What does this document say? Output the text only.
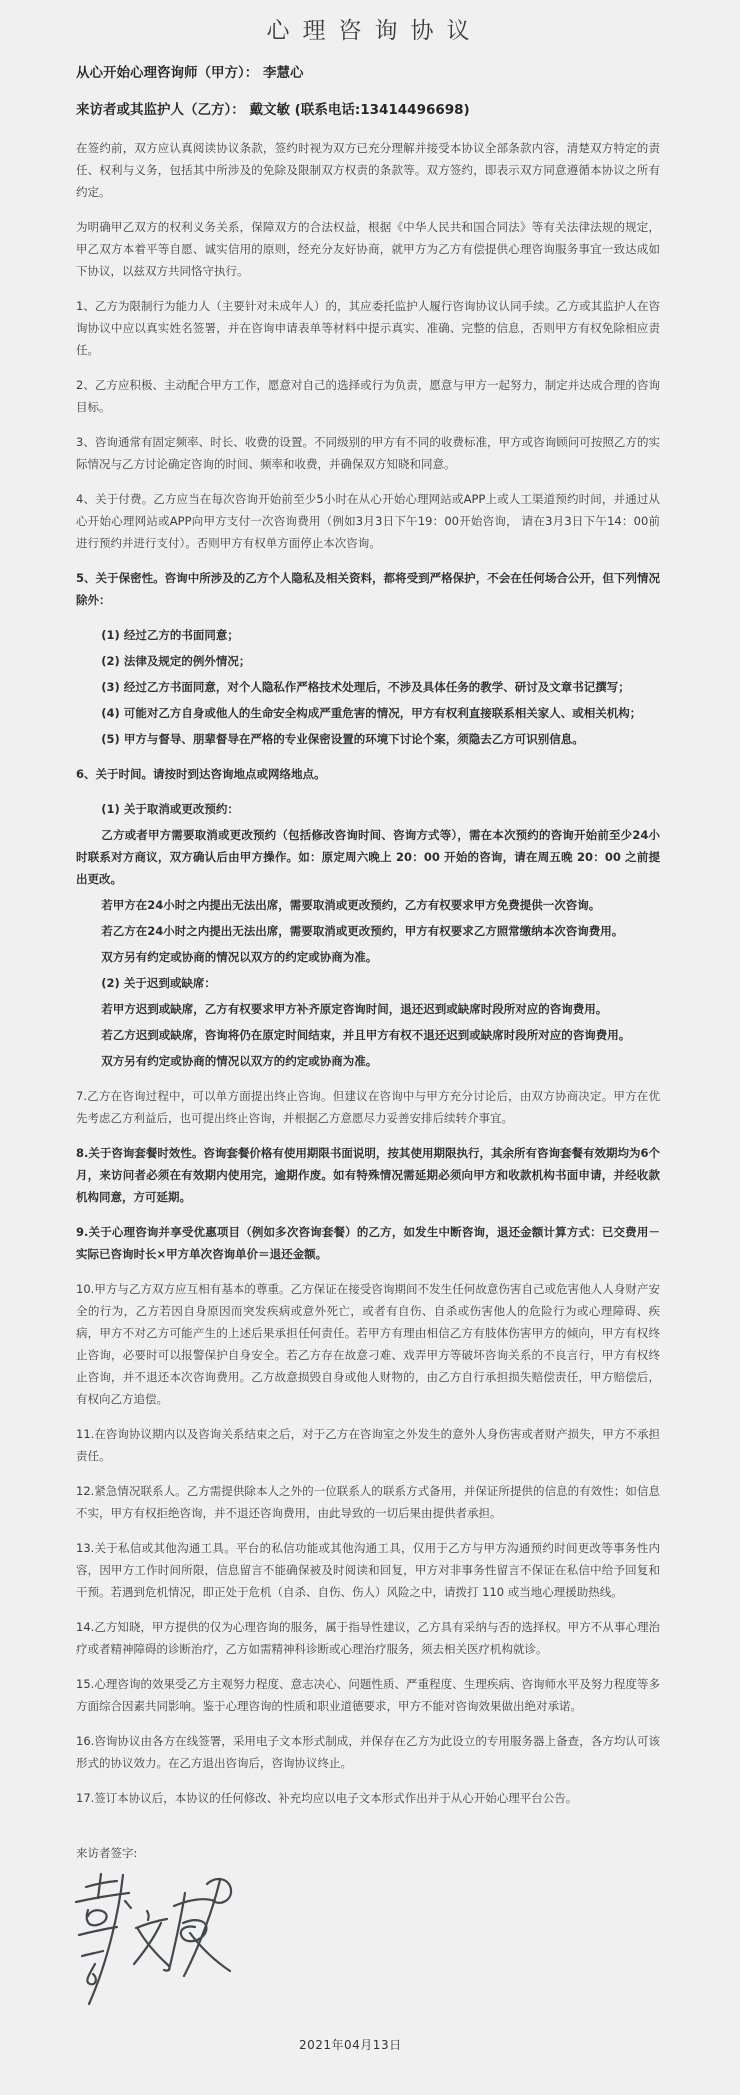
心理咨询协议

从心开始心理咨询师（甲方）： 李慧心

来访者或其监护人（乙方）： 戴文敏 (联系电话:13414496698)

在签约前，双方应认真阅读协议条款，签约时视为双方已充分理解并接受本协议全部条款内容，清楚双方特定的责任、权利与义务，包括其中所涉及的免除及限制双方权责的条款等。双方签约，即表示双方同意遵循本协议之所有约定。

为明确甲乙双方的权利义务关系，保障双方的合法权益，根据《中华人民共和国合同法》等有关法律法规的规定，甲乙双方本着平等自愿、诚实信用的原则，经充分友好协商，就甲方为乙方有偿提供心理咨询服务事宜一致达成如下协议，以兹双方共同恪守执行。

1、乙方为限制行为能力人（主要针对未成年人）的，其应委托监护人履行咨询协议认同手续。乙方或其监护人在咨询协议中应以真实姓名签署，并在咨询申请表单等材料中提示真实、准确、完整的信息，否则甲方有权免除相应责任。

2、乙方应积极、主动配合甲方工作，愿意对自己的选择或行为负责，愿意与甲方一起努力，制定并达成合理的咨询目标。

3、咨询通常有固定频率、时长、收费的设置。不同级别的甲方有不同的收费标准，甲方或咨询顾问可按照乙方的实际情况与乙方讨论确定咨询的时间、频率和收费，并确保双方知晓和同意。

4、关于付费。乙方应当在每次咨询开始前至少5小时在从心开始心理网站或APP上或人工渠道预约时间，并通过从心开始心理网站或APP向甲方支付一次咨询费用（例如3月3日下午19：00开始咨询， 请在3月3日下午14：00前进行预约并进行支付）。否则甲方有权单方面停止本次咨询。

5、关于保密性。咨询中所涉及的乙方个人隐私及相关资料，都将受到严格保护，不会在任何场合公开，但下列情况除外：

(1) 经过乙方的书面同意；

(2) 法律及规定的例外情况；

(3) 经过乙方书面同意，对个人隐私作严格技术处理后，不涉及具体任务的教学、研讨及文章书记撰写；

(4) 可能对乙方自身或他人的生命安全构成严重危害的情况，甲方有权利直接联系相关家人、或相关机构；

(5) 甲方与督导、朋辈督导在严格的专业保密设置的环境下讨论个案，须隐去乙方可识别信息。

6、关于时间。请按时到达咨询地点或网络地点。

(1) 关于取消或更改预约：

乙方或者甲方需要取消或更改预约（包括修改咨询时间、咨询方式等），需在本次预约的咨询开始前至少24小时联系对方商议，双方确认后由甲方操作。如：原定周六晚上 20：00 开始的咨询，请在周五晚 20：00 之前提出更改。

若甲方在24小时之内提出无法出席，需要取消或更改预约，乙方有权要求甲方免费提供一次咨询。

若乙方在24小时之内提出无法出席，需要取消或更改预约，甲方有权要求乙方照常缴纳本次咨询费用。

双方另有约定或协商的情况以双方的约定或协商为准。

(2) 关于迟到或缺席：

若甲方迟到或缺席，乙方有权要求甲方补齐原定咨询时间，退还迟到或缺席时段所对应的咨询费用。

若乙方迟到或缺席，咨询将仍在原定时间结束，并且甲方有权不退还迟到或缺席时段所对应的咨询费用。

双方另有约定或协商的情况以双方的约定或协商为准。

7.乙方在咨询过程中，可以单方面提出终止咨询。但建议在咨询中与甲方充分讨论后，由双方协商决定。甲方在优先考虑乙方利益后，也可提出终止咨询，并根据乙方意愿尽力妥善安排后续转介事宜。

8.关于咨询套餐时效性。咨询套餐价格有使用期限书面说明，按其使用期限执行，其余所有咨询套餐有效期均为6个月，来访问者必须在有效期内使用完，逾期作废。如有特殊情况需延期必须向甲方和收款机构书面申请，并经收款机构同意，方可延期。

9.关于心理咨询并享受优惠项目（例如多次咨询套餐）的乙方，如发生中断咨询，退还金额计算方式：已交费用－实际已咨询时长×甲方单次咨询单价＝退还金额。

10.甲方与乙方双方应互相有基本的尊重。乙方保证在接受咨询期间不发生任何故意伤害自己或危害他人人身财产安全的行为，乙方若因自身原因而突发疾病或意外死亡，或者有自伤、自杀或伤害他人的危险行为或心理障碍、疾病，甲方不对乙方可能产生的上述后果承担任何责任。若甲方有理由相信乙方有肢体伤害甲方的倾向，甲方有权终止咨询，必要时可以报警保护自身安全。若乙方存在故意刁难、戏弄甲方等破坏咨询关系的不良言行，甲方有权终止咨询，并不退还本次咨询费用。乙方故意损毁自身或他人财物的，由乙方自行承担损失赔偿责任，甲方赔偿后，有权向乙方追偿。

11.在咨询协议期内以及咨询关系结束之后，对于乙方在咨询室之外发生的意外人身伤害或者财产损失，甲方不承担责任。

12.紧急情况联系人。乙方需提供除本人之外的一位联系人的联系方式备用，并保证所提供的信息的有效性；如信息不实，甲方有权拒绝咨询，并不退还咨询费用，由此导致的一切后果由提供者承担。

13.关于私信或其他沟通工具。平台的私信功能或其他沟通工具，仅用于乙方与甲方沟通预约时间更改等事务性内容，因甲方工作时间所限，信息留言不能确保被及时阅读和回复，甲方对非事务性留言不保证在私信中给予回复和干预。若遇到危机情况，即正处于危机（自杀、自伤、伤人）风险之中，请拨打 110 或当地心理援助热线。

14.乙方知晓，甲方提供的仅为心理咨询的服务，属于指导性建议，乙方具有采纳与否的选择权。甲方不从事心理治疗或者精神障碍的诊断治疗，乙方如需精神科诊断或心理治疗服务，须去相关医疗机构就诊。

15.心理咨询的效果受乙方主观努力程度、意志决心、问题性质、严重程度、生理疾病、咨询师水平及努力程度等多方面综合因素共同影响。鉴于心理咨询的性质和职业道德要求，甲方不能对咨询效果做出绝对承诺。

16.咨询协议由各方在线签署，采用电子文本形式制成，并保存在乙方为此设立的专用服务器上备查，各方均认可该形式的协议效力。在乙方退出咨询后，咨询协议终止。

17.签订本协议后，本协议的任何修改、补充均应以电子文本形式作出并于从心开始心理平台公告。

来访者签字:

2021年04月13日
